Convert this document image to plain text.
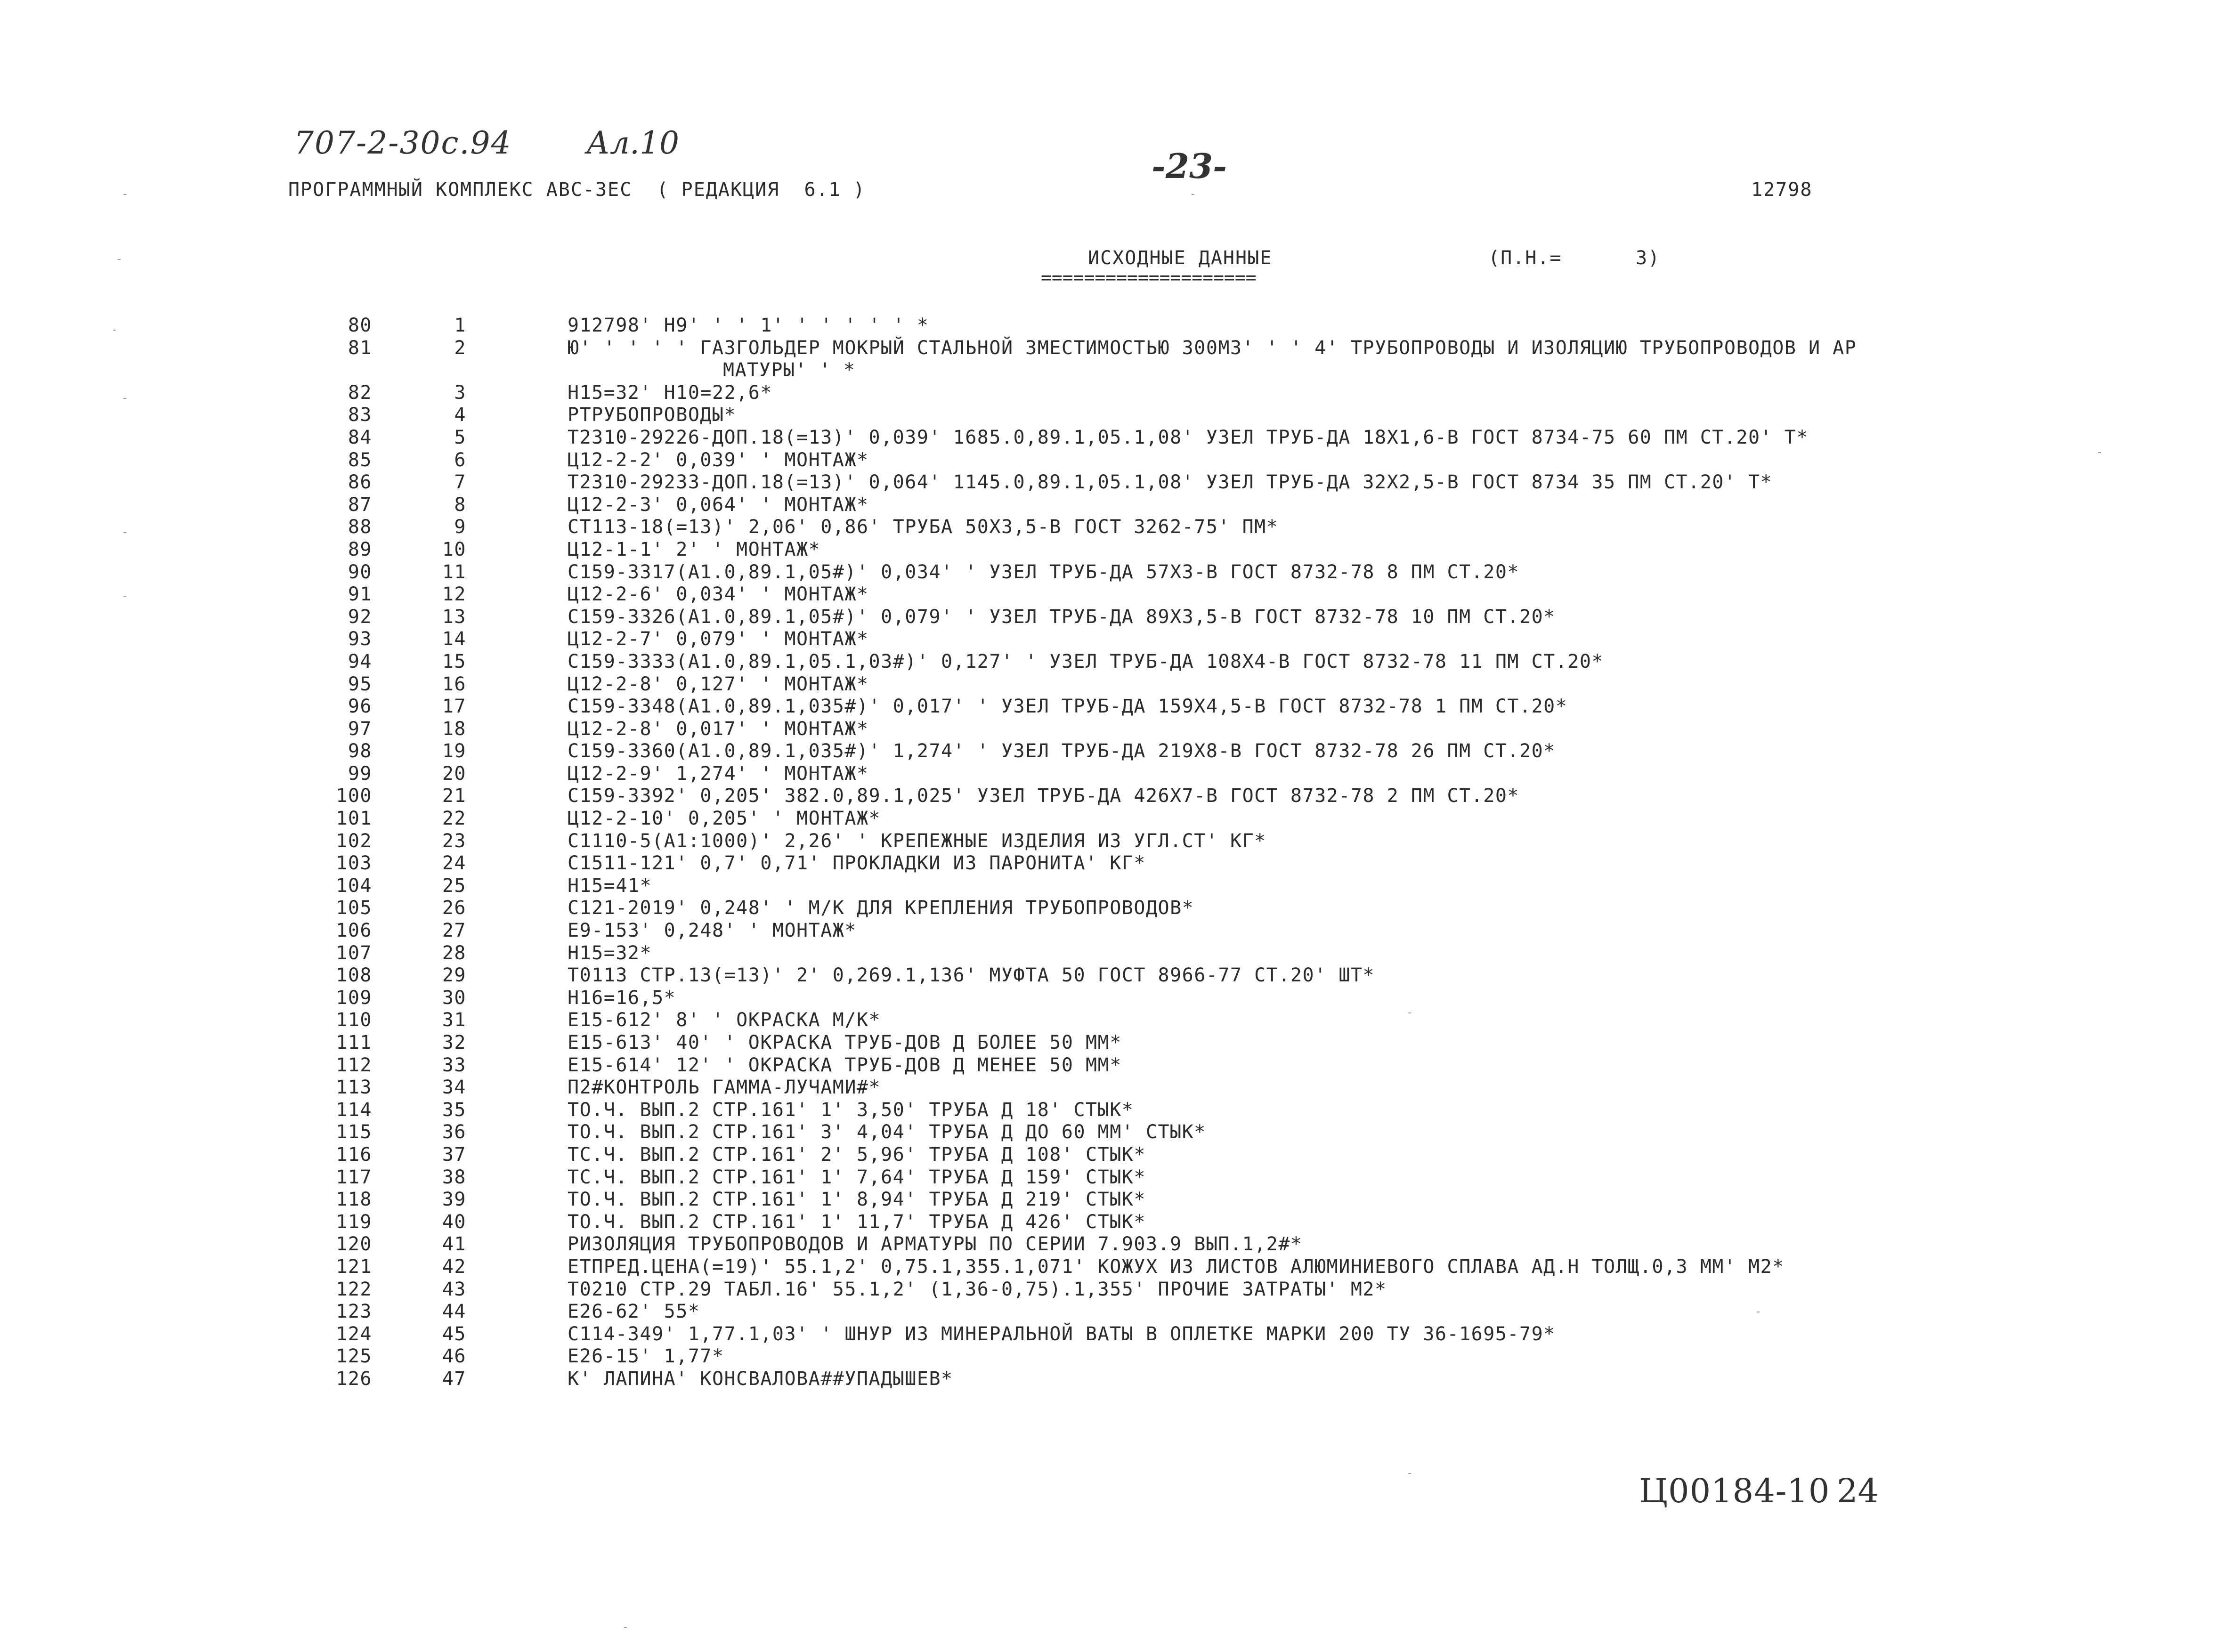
707-2-30с.94 Ал.10
-23-
ПРОГРАММНЫЙ КОМПЛЕКС АВС-3ЕС  ( РЕДАКЦИЯ  6.1 )	12798
ИСХОДНЫЕ ДАННЫЕ	(П.Н.=      3)
====================
80	1	912798' Н9' ' ' 1' ' ' ' ' ' *
81	2	Ю' ' ' ' ' ГАЗГОЛЬДЕР МОКРЫЙ СТАЛЬНОЙ ЗМЕСТИМОСТЬЮ 300МЗ' ' ' 4' ТРУБОПРОВОДЫ И ИЗОЛЯЦИЮ ТРУБОПРОВОДОВ И АР
МАТУРЫ' ' *
82	3	Н15=32' Н10=22,6*
83	4	РТРУБОПРОВОДЫ*
84	5	Т2310-29226-ДОП.18(=13)' 0,039' 1685.0,89.1,05.1,08' УЗЕЛ ТРУБ-ДА 18Х1,6-В ГОСТ 8734-75 60 ПМ СТ.20' Т*
85	6	Ц12-2-2' 0,039' ' МОНТАЖ*
86	7	Т2310-29233-ДОП.18(=13)' 0,064' 1145.0,89.1,05.1,08' УЗЕЛ ТРУБ-ДА 32Х2,5-В ГОСТ 8734 35 ПМ СТ.20' Т*
87	8	Ц12-2-3' 0,064' ' МОНТАЖ*
88	9	СТ113-18(=13)' 2,06' 0,86' ТРУБА 50Х3,5-В ГОСТ 3262-75' ПМ*
89	10	Ц12-1-1' 2' ' МОНТАЖ*
90	11	С159-3317(А1.0,89.1,05#)' 0,034' ' УЗЕЛ ТРУБ-ДА 57Х3-В ГОСТ 8732-78 8 ПМ СТ.20*
91	12	Ц12-2-6' 0,034' ' МОНТАЖ*
92	13	С159-3326(А1.0,89.1,05#)' 0,079' ' УЗЕЛ ТРУБ-ДА 89Х3,5-В ГОСТ 8732-78 10 ПМ СТ.20*
93	14	Ц12-2-7' 0,079' ' МОНТАЖ*
94	15	С159-3333(А1.0,89.1,05.1,03#)' 0,127' ' УЗЕЛ ТРУБ-ДА 108Х4-В ГОСТ 8732-78 11 ПМ СТ.20*
95	16	Ц12-2-8' 0,127' ' МОНТАЖ*
96	17	С159-3348(А1.0,89.1,035#)' 0,017' ' УЗЕЛ ТРУБ-ДА 159Х4,5-В ГОСТ 8732-78 1 ПМ СТ.20*
97	18	Ц12-2-8' 0,017' ' МОНТАЖ*
98	19	С159-3360(А1.0,89.1,035#)' 1,274' ' УЗЕЛ ТРУБ-ДА 219Х8-В ГОСТ 8732-78 26 ПМ СТ.20*
99	20	Ц12-2-9' 1,274' ' МОНТАЖ*
100	21	С159-3392' 0,205' 382.0,89.1,025' УЗЕЛ ТРУБ-ДА 426Х7-В ГОСТ 8732-78 2 ПМ СТ.20*
101	22	Ц12-2-10' 0,205' ' МОНТАЖ*
102	23	С1110-5(А1:1000)' 2,26' ' КРЕПЕЖНЫЕ ИЗДЕЛИЯ ИЗ УГЛ.СТ' КГ*
103	24	С1511-121' 0,7' 0,71' ПРОКЛАДКИ ИЗ ПАРОНИТА' КГ*
104	25	Н15=41*
105	26	С121-2019' 0,248' ' М/К ДЛЯ КРЕПЛЕНИЯ ТРУБОПРОВОДОВ*
106	27	Е9-153' 0,248' ' МОНТАЖ*
107	28	Н15=32*
108	29	Т0113 СТР.13(=13)' 2' 0,269.1,136' МУФТА 50 ГОСТ 8966-77 СТ.20' ШТ*
109	30	Н16=16,5*
110	31	Е15-612' 8' ' ОКРАСКА М/К*
111	32	Е15-613' 40' ' ОКРАСКА ТРУБ-ДОВ Д БОЛЕЕ 50 ММ*
112	33	Е15-614' 12' ' ОКРАСКА ТРУБ-ДОВ Д МЕНЕЕ 50 ММ*
113	34	П2#КОНТРОЛЬ ГАММА-ЛУЧАМИ#*
114	35	ТО.Ч. ВЫП.2 СТР.161' 1' 3,50' ТРУБА Д 18' СТЫК*
115	36	ТО.Ч. ВЫП.2 СТР.161' 3' 4,04' ТРУБА Д ДО 60 ММ' СТЫК*
116	37	ТС.Ч. ВЫП.2 СТР.161' 2' 5,96' ТРУБА Д 108' СТЫК*
117	38	ТС.Ч. ВЫП.2 СТР.161' 1' 7,64' ТРУБА Д 159' СТЫК*
118	39	ТО.Ч. ВЫП.2 СТР.161' 1' 8,94' ТРУБА Д 219' СТЫК*
119	40	ТО.Ч. ВЫП.2 СТР.161' 1' 11,7' ТРУБА Д 426' СТЫК*
120	41	РИЗОЛЯЦИЯ ТРУБОПРОВОДОВ И АРМАТУРЫ ПО СЕРИИ 7.903.9 ВЫП.1,2#*
121	42	ЕТПРЕД.ЦЕНА(=19)' 55.1,2' 0,75.1,355.1,071' КОЖУХ ИЗ ЛИСТОВ АЛЮМИНИЕВОГО СПЛАВА АД.Н ТОЛЩ.0,3 ММ' М2*
122	43	Т0210 СТР.29 ТАБЛ.16' 55.1,2' (1,36-0,75).1,355' ПРОЧИЕ ЗАТРАТЫ' М2*
123	44	Е26-62' 55*
124	45	С114-349' 1,77.1,03' ' ШНУР ИЗ МИНЕРАЛЬНОЙ ВАТЫ В ОПЛЕТКЕ МАРКИ 200 ТУ 36-1695-79*
125	46	Е26-15' 1,77*
126	47	К' ЛАПИНА' КОНСВАЛОВА##УПАДЫШЕВ*
Ц00184-10 24
